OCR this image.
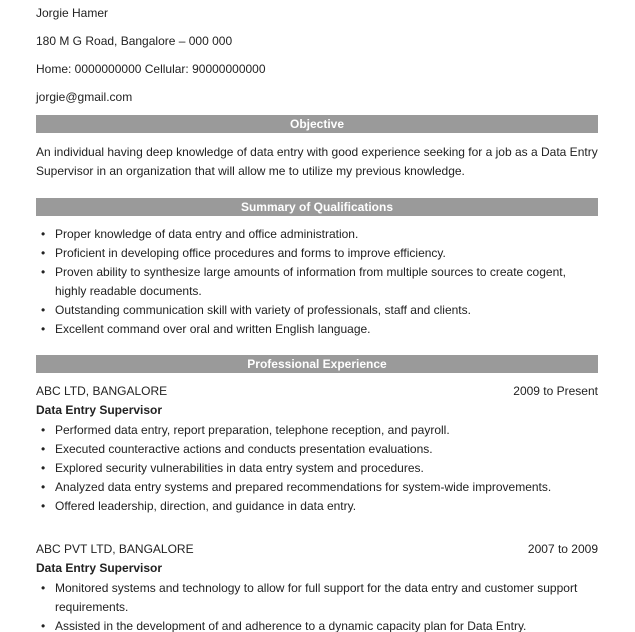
Jorgie Hamer

180 M G Road, Bangalore – 000 000

Home: 0000000000 Cellular: 90000000000

jorgie@gmail.com

Objective

An individual having deep knowledge of data entry with good experience seeking for a job as a Data Entry Supervisor in an organization that will allow me to utilize my previous knowledge.

Summary of Qualifications
• Proper knowledge of data entry and office administration.
• Proficient in developing office procedures and forms to improve efficiency.
• Proven ability to synthesize large amounts of information from multiple sources to create cogent, highly readable documents.
• Outstanding communication skill with variety of professionals, staff and clients.
• Excellent command over oral and written English language.
Professional Experience
ABC LTD, BANGALORE	2009 to Present
Data Entry Supervisor
• Performed data entry, report preparation, telephone reception, and payroll.
• Executed counteractive actions and conducts presentation evaluations.
• Explored security vulnerabilities in data entry system and procedures.
• Analyzed data entry systems and prepared recommendations for system-wide improvements.
• Offered leadership, direction, and guidance in data entry.
ABC PVT LTD, BANGALORE	2007 to 2009
Data Entry Supervisor
• Monitored systems and technology to allow for full support for the data entry and customer support requirements.
• Assisted in the development of and adherence to a dynamic capacity plan for Data Entry.
